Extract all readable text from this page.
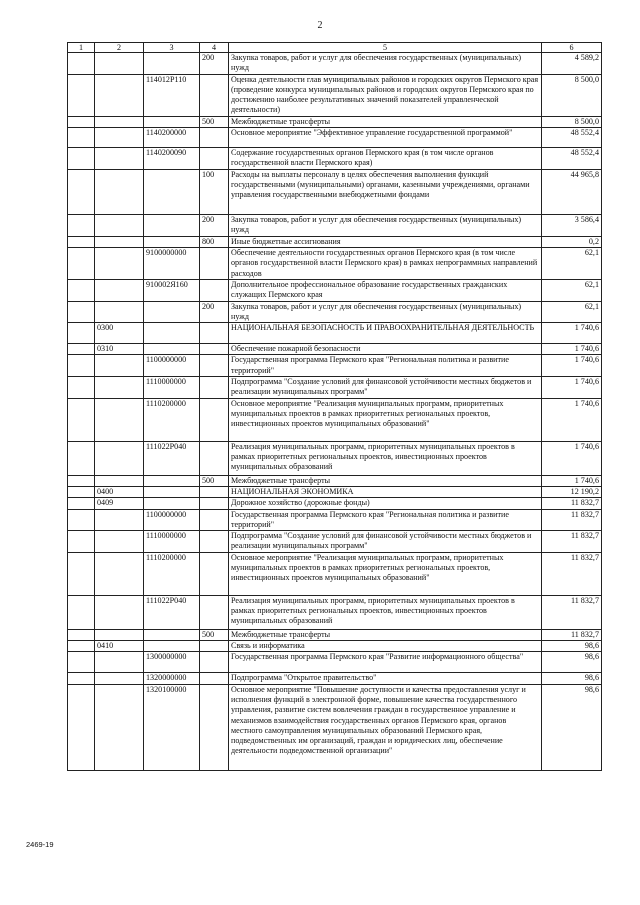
2
1	2	3	4	5	6
			200	Закупка товаров, работ и услуг для обеспечения государственных (муниципальных) нужд	4 589,2
		114012P110		Оценка деятельности глав муниципальных районов и городских округов Пермского края (проведение конкурса муниципальных районов и городских округов Пермского края по достижению наиболее результативных значений показателей управленческой деятельности)	8 500,0
			500	Межбюджетные трансферты	8 500,0
		1140200000		Основное мероприятие "Эффективное управление государственной программой"	48 552,4
		1140200090		Содержание государственных органов Пермского края (в том числе органов государственной власти Пермского края)	48 552,4
			100	Расходы на выплаты персоналу в целях обеспечения выполнения функций государственными (муниципальными) органами, казенными учреждениями, органами управления государственными внебюджетными фондами	44 965,8
			200	Закупка товаров, работ и услуг для обеспечения государственных (муниципальных) нужд	3 586,4
			800	Иные бюджетные ассигнования	0,2
		9100000000		Обеспечение деятельности государственных органов Пермского края (в том числе органов государственной власти Пермского края) в рамках непрограммных направлений расходов	62,1
		910002Я160		Дополнительное профессиональное образование государственных гражданских служащих Пермского края	62,1
			200	Закупка товаров, работ и услуг для обеспечения государственных (муниципальных) нужд	62,1
	0300			НАЦИОНАЛЬНАЯ БЕЗОПАСНОСТЬ И ПРАВООХРАНИТЕЛЬНАЯ ДЕЯТЕЛЬНОСТЬ	1 740,6
	0310			Обеспечение пожарной безопасности	1 740,6
		1100000000		Государственная программа Пермского края "Региональная политика и развитие территорий"	1 740,6
		1110000000		Подпрограмма "Создание условий для финансовой устойчивости местных бюджетов и реализации муниципальных программ"	1 740,6
		1110200000		Основное мероприятие "Реализация муниципальных программ, приоритетных муниципальных проектов в рамках приоритетных региональных проектов, инвестиционных проектов муниципальных образований"	1 740,6
		111022P040		Реализация муниципальных программ, приоритетных муниципальных проектов в рамках приоритетных региональных проектов, инвестиционных проектов муниципальных образований	1 740,6
			500	Межбюджетные трансферты	1 740,6
	0400			НАЦИОНАЛЬНАЯ ЭКОНОМИКА	12 190,2
	0409			Дорожное хозяйство (дорожные фонды)	11 832,7
		1100000000		Государственная программа Пермского края "Региональная политика и развитие территорий"	11 832,7
		1110000000		Подпрограмма "Создание условий для финансовой устойчивости местных бюджетов и реализации муниципальных программ"	11 832,7
		1110200000		Основное мероприятие "Реализация муниципальных программ, приоритетных муниципальных проектов в рамках приоритетных региональных проектов, инвестиционных проектов муниципальных образований"	11 832,7
		111022P040		Реализация муниципальных программ, приоритетных муниципальных проектов в рамках приоритетных региональных проектов, инвестиционных проектов муниципальных образований	11 832,7
			500	Межбюджетные трансферты	11 832,7
	0410			Связь и информатика	98,6
		1300000000		Государственная программа Пермского края "Развитие информационного общества"	98,6
		1320000000		Подпрограмма "Открытое правительство"	98,6
		1320100000		Основное мероприятие "Повышение доступности и качества предоставления услуг и исполнения функций в электронной форме, повышение качества государственного управления, развитие систем вовлечения граждан в государственное управление и механизмов взаимодействия государственных органов Пермского края, органов местного самоуправления муниципальных образований Пермского края, подведомственных им организаций, граждан и юридических лиц, обеспечение деятельности подведомственной организации"	98,6
2469-19
